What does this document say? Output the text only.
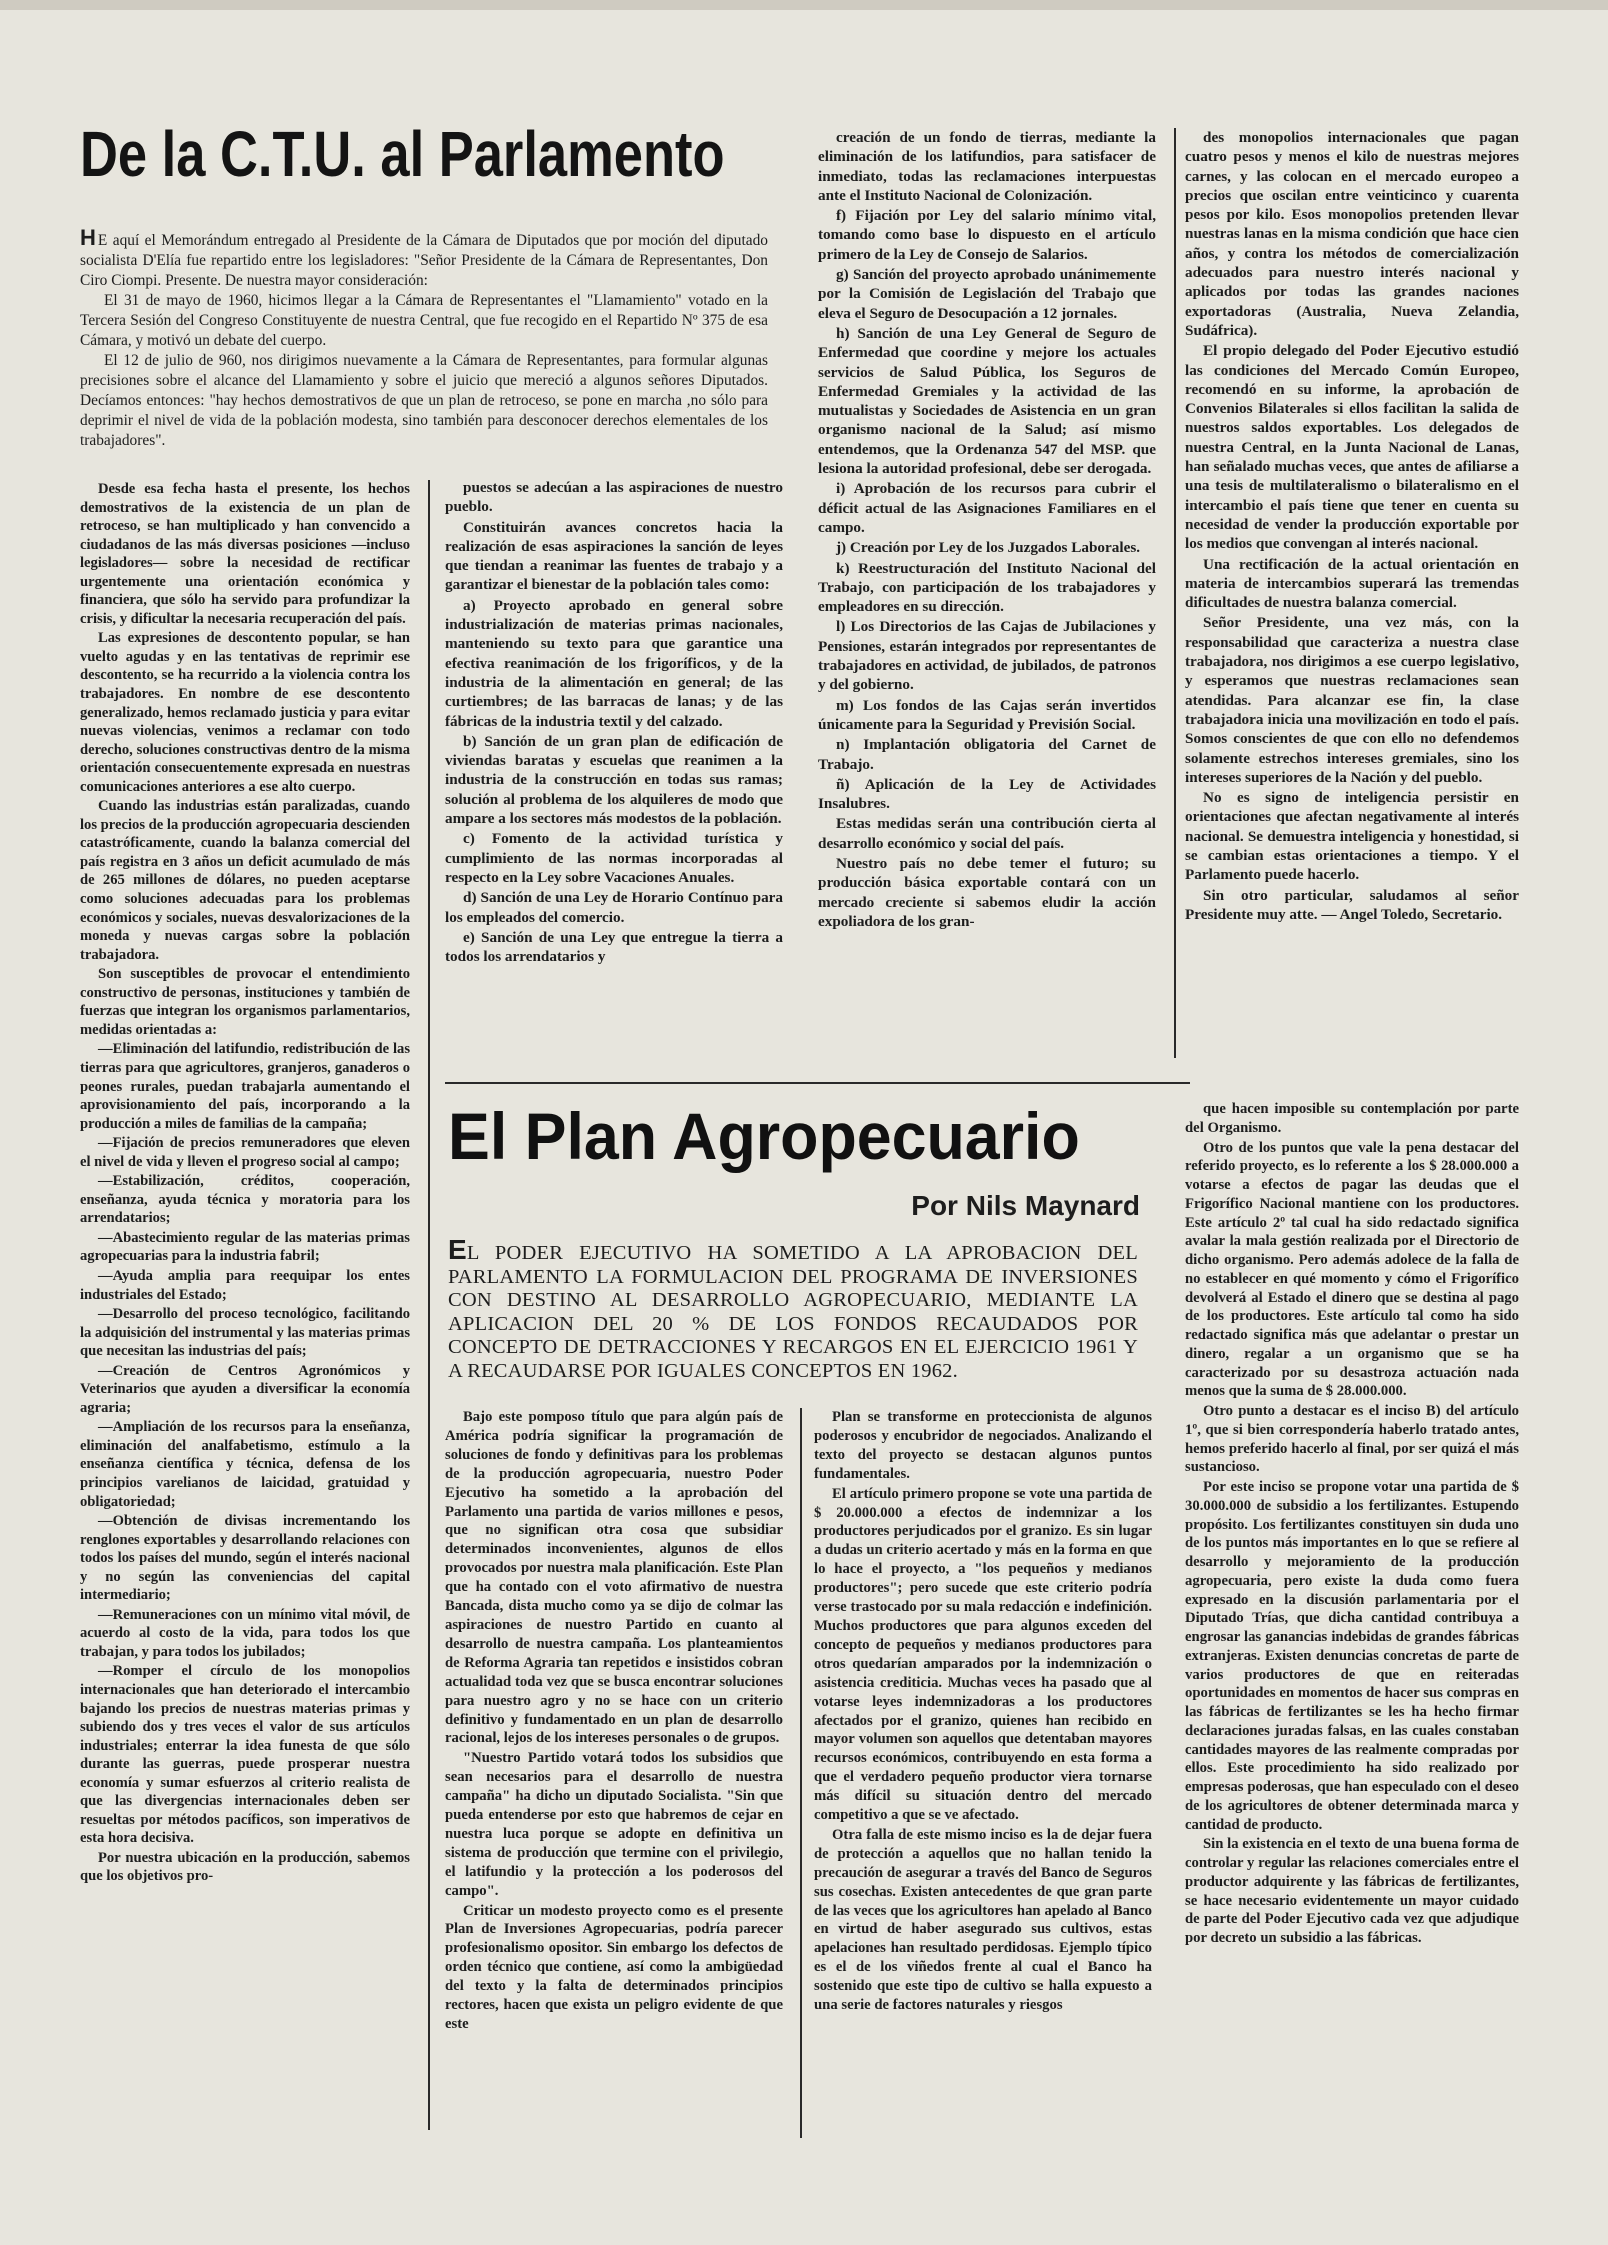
De la C.T.U. al Parlamento

H E aquí el Memorándum entregado al Presidente de la Cámara de Diputados que por moción del diputado socialista D'Elía fue repartido entre los legisladores: "Señor Presidente de la Cámara de Representantes, Don Ciro Ciompi. Presente. De nuestra mayor consideración:

El 31 de mayo de 1960, hicimos llegar a la Cámara de Representantes el "Llamamiento" votado en la Tercera Sesión del Congreso Constituyente de nuestra Central, que fue recogido en el Repartido Nº 375 de esa Cámara, y motivó un debate del cuerpo.

El 12 de julio de 960, nos dirigimos nuevamente a la Cámara de Representantes, para formular algunas precisiones sobre el alcance del Llamamiento y sobre el juicio que mereció a algunos señores Diputados. Decíamos entonces: "hay hechos demostrativos de que un plan de retroceso, se pone en marcha ,no sólo para deprimir el nivel de vida de la población modesta, sino también para desconocer derechos elementales de los trabajadores".

Desde esa fecha hasta el presente, los hechos demostrativos de la existencia de un plan de retroceso, se han multiplicado y han convencido a ciudadanos de las más diversas posiciones —incluso legisladores— sobre la necesidad de rectificar urgentemente una orientación económica y financiera, que sólo ha servido para profundizar la crisis, y dificultar la necesaria recuperación del país.

Las expresiones de descontento popular, se han vuelto agudas y en las tentativas de reprimir ese descontento, se ha recurrido a la violencia contra los trabajadores. En nombre de ese descontento generalizado, hemos reclamado justicia y para evitar nuevas violencias, venimos a reclamar con todo derecho, soluciones constructivas dentro de la misma orientación consecuentemente expresada en nuestras comunicaciones anteriores a ese alto cuerpo.

Cuando las industrias están paralizadas, cuando los precios de la producción agropecuaria descienden catastróficamente, cuando la balanza comercial del país registra en 3 años un deficit acumulado de más de 265 millones de dólares, no pueden aceptarse como soluciones adecuadas para los problemas económicos y sociales, nuevas desvalorizaciones de la moneda y nuevas cargas sobre la población trabajadora.

Son susceptibles de provocar el entendimiento constructivo de personas, instituciones y también de fuerzas que integran los organismos parlamentarios, medidas orientadas a:

—Eliminación del latifundio, redistribución de las tierras para que agricultores, granjeros, ganaderos o peones rurales, puedan trabajarla aumentando el aprovisionamiento del país, incorporando a la producción a miles de familias de la campaña;

—Fijación de precios remuneradores que eleven el nivel de vida y lleven el progreso social al campo;

—Estabilización, créditos, cooperación, enseñanza, ayuda técnica y moratoria para los arrendatarios;

—Abastecimiento regular de las materias primas agropecuarias para la industria fabril;

—Ayuda amplia para reequipar los entes industriales del Estado;

—Desarrollo del proceso tecnológico, facilitando la adquisición del instrumental y las materias primas que necesitan las industrias del país;

—Creación de Centros Agronómicos y Veterinarios que ayuden a diversificar la economía agraria;

—Ampliación de los recursos para la enseñanza, eliminación del analfabetismo, estímulo a la enseñanza científica y técnica, defensa de los principios varelianos de laicidad, gratuidad y obligatoriedad;

—Obtención de divisas incrementando los renglones exportables y desarrollando relaciones con todos los países del mundo, según el interés nacional y no según las conveniencias del capital intermediario;

—Remuneraciones con un mínimo vital móvil, de acuerdo al costo de la vida, para todos los que trabajan, y para todos los jubilados;

—Romper el círculo de los monopolios internacionales que han deteriorado el intercambio bajando los precios de nuestras materias primas y subiendo dos y tres veces el valor de sus artículos industriales; enterrar la idea funesta de que sólo durante las guerras, puede prosperar nuestra economía y sumar esfuerzos al criterio realista de que las divergencias internacionales deben ser resueltas por métodos pacíficos, son imperativos de esta hora decisiva.

Por nuestra ubicación en la producción, sabemos que los objetivos pro-

puestos se adecúan a las aspiraciones de nuestro pueblo.

Constituirán avances concretos hacia la realización de esas aspiraciones la sanción de leyes que tiendan a reanimar las fuentes de trabajo y a garantizar el bienestar de la población tales como:

a) Proyecto aprobado en general sobre industrialización de materias primas nacionales, manteniendo su texto para que garantice una efectiva reanimación de los frigoríficos, y de la industria de la alimentación en general; de las curtiembres; de las barracas de lanas; y de las fábricas de la industria textil y del calzado.

b) Sanción de un gran plan de edificación de viviendas baratas y escuelas que reanimen a la industria de la construcción en todas sus ramas; solución al problema de los alquileres de modo que ampare a los sectores más modestos de la población.

c) Fomento de la actividad turística y cumplimiento de las normas incorporadas al respecto en la Ley sobre Vacaciones Anuales.

d) Sanción de una Ley de Horario Contínuo para los empleados del comercio.

e) Sanción de una Ley que entregue la tierra a todos los arrendatarios y

creación de un fondo de tierras, mediante la eliminación de los latifundios, para satisfacer de inmediato, todas las reclamaciones interpuestas ante el Instituto Nacional de Colonización.

f) Fijación por Ley del salario mínimo vital, tomando como base lo dispuesto en el artículo primero de la Ley de Consejo de Salarios.

g) Sanción del proyecto aprobado unánimemente por la Comisión de Legislación del Trabajo que eleva el Seguro de Desocupación a 12 jornales.

h) Sanción de una Ley General de Seguro de Enfermedad que coordine y mejore los actuales servicios de Salud Pública, los Seguros de Enfermedad Gremiales y la actividad de las mutualistas y Sociedades de Asistencia en un gran organismo nacional de la Salud; así mismo entendemos, que la Ordenanza 547 del MSP. que lesiona la autoridad profesional, debe ser derogada.

i) Aprobación de los recursos para cubrir el déficit actual de las Asignaciones Familiares en el campo.

j) Creación por Ley de los Juzgados Laborales.

k) Reestructuración del Instituto Nacional del Trabajo, con participación de los trabajadores y empleadores en su dirección.

l) Los Directorios de las Cajas de Jubilaciones y Pensiones, estarán integrados por representantes de trabajadores en actividad, de jubilados, de patronos y del gobierno.

m) Los fondos de las Cajas serán invertidos únicamente para la Seguridad y Previsión Social.

n) Implantación obligatoria del Carnet de Trabajo.

ñ) Aplicación de la Ley de Actividades Insalubres.

Estas medidas serán una contribución cierta al desarrollo económico y social del país.

Nuestro país no debe temer el futuro; su producción básica exportable contará con un mercado creciente si sabemos eludir la acción expoliadora de los gran-

des monopolios internacionales que pagan cuatro pesos y menos el kilo de nuestras mejores carnes, y las colocan en el mercado europeo a precios que oscilan entre veinticinco y cuarenta pesos por kilo. Esos monopolios pretenden llevar nuestras lanas en la misma condición que hace cien años, y contra los métodos de comercialización adecuados para nuestro interés nacional y aplicados por todas las grandes naciones exportadoras (Australia, Nueva Zelandia, Sudáfrica).

El propio delegado del Poder Ejecutivo estudió las condiciones del Mercado Común Europeo, recomendó en su informe, la aprobación de Convenios Bilaterales si ellos facilitan la salida de nuestros saldos exportables. Los delegados de nuestra Central, en la Junta Nacional de Lanas, han señalado muchas veces, que antes de afiliarse a una tesis de multilateralismo o bilateralismo en el intercambio el país tiene que tener en cuenta su necesidad de vender la producción exportable por los medios que convengan al interés nacional.

Una rectificación de la actual orientación en materia de intercambios superará las tremendas dificultades de nuestra balanza comercial.

Señor Presidente, una vez más, con la responsabilidad que caracteriza a nuestra clase trabajadora, nos dirigimos a ese cuerpo legislativo, y esperamos que nuestras reclamaciones sean atendidas. Para alcanzar ese fin, la clase trabajadora inicia una movilización en todo el país. Somos conscientes de que con ello no defendemos solamente estrechos intereses gremiales, sino los intereses superiores de la Nación y del pueblo.

No es signo de inteligencia persistir en orientaciones que afectan negativamente al interés nacional. Se demuestra inteligencia y honestidad, si se cambian estas orientaciones a tiempo. Y el Parlamento puede hacerlo.

Sin otro particular, saludamos al señor Presidente muy atte. — Angel Toledo, Secretario.

El Plan Agropecuario
Por Nils Maynard
EL PODER EJECUTIVO HA SOMETIDO A LA APROBACION DEL PARLAMENTO LA FORMULACION DEL PROGRAMA DE INVERSIONES CON DESTINO AL DESARROLLO AGROPECUARIO, MEDIANTE LA APLICACION DEL 20 % DE LOS FONDOS RECAUDADOS POR CONCEPTO DE DETRACCIONES Y RECARGOS EN EL EJERCICIO 1961 Y A RECAUDARSE POR IGUALES CONCEPTOS EN 1962.

Bajo este pomposo título que para algún país de América podría significar la programación de soluciones de fondo y definitivas para los problemas de la producción agropecuaria, nuestro Poder Ejecutivo ha sometido a la aprobación del Parlamento una partida de varios millones e pesos, que no significan otra cosa que subsidiar determinados inconvenientes, algunos de ellos provocados por nuestra mala planificación. Este Plan que ha contado con el voto afirmativo de nuestra Bancada, dista mucho como ya se dijo de colmar las aspiraciones de nuestro Partido en cuanto al desarrollo de nuestra campaña. Los planteamientos de Reforma Agraria tan repetidos e insistidos cobran actualidad toda vez que se busca encontrar soluciones para nuestro agro y no se hace con un criterio definitivo y fundamentado en un plan de desarrollo racional, lejos de los intereses personales o de grupos.

"Nuestro Partido votará todos los subsidios que sean necesarios para el desarrollo de nuestra campaña" ha dicho un diputado Socialista. "Sin que pueda entenderse por esto que habremos de cejar en nuestra luca porque se adopte en definitiva un sistema de producción que termine con el privilegio, el latifundio y la protección a los poderosos del campo".

Criticar un modesto proyecto como es el presente Plan de Inversiones Agropecuarias, podría parecer profesionalismo opositor. Sin embargo los defectos de orden técnico que contiene, así como la ambigüedad del texto y la falta de determinados principios rectores, hacen que exista un peligro evidente de que este

Plan se transforme en proteccionista de algunos poderosos y encubridor de negociados. Analizando el texto del proyecto se destacan algunos puntos fundamentales.

El artículo primero propone se vote una partida de $ 20.000.000 a efectos de indemnizar a los productores perjudicados por el granizo. Es sin lugar a dudas un criterio acertado y más en la forma en que lo hace el proyecto, a "los pequeños y medianos productores"; pero sucede que este criterio podría verse trastocado por su mala redacción e indefinición. Muchos productores que para algunos exceden del concepto de pequeños y medianos productores para otros quedarían amparados por la indemnización o asistencia crediticia. Muchas veces ha pasado que al votarse leyes indemnizadoras a los productores afectados por el granizo, quienes han recibido en mayor volumen son aquellos que detentaban mayores recursos económicos, contribuyendo en esta forma a que el verdadero pequeño productor viera tornarse más difícil su situación dentro del mercado competitivo a que se ve afectado.

Otra falla de este mismo inciso es la de dejar fuera de protección a aquellos que no hallan tenido la precaución de asegurar a través del Banco de Seguros sus cosechas. Existen antecedentes de que gran parte de las veces que los agricultores han apelado al Banco en virtud de haber asegurado sus cultivos, estas apelaciones han resultado perdidosas. Ejemplo típico es el de los viñedos frente al cual el Banco ha sostenido que este tipo de cultivo se halla expuesto a una serie de factores naturales y riesgos

que hacen imposible su contemplación por parte del Organismo.

Otro de los puntos que vale la pena destacar del referido proyecto, es lo referente a los $ 28.000.000 a votarse a efectos de pagar las deudas que el Frigorífico Nacional mantiene con los productores. Este artículo 2º tal cual ha sido redactado significa avalar la mala gestión realizada por el Directorio de dicho organismo. Pero además adolece de la falla de no establecer en qué momento y cómo el Frigorífico devolverá al Estado el dinero que se destina al pago de los productores. Este artículo tal como ha sido redactado significa más que adelantar o prestar un dinero, regalar a un organismo que se ha caracterizado por su desastroza actuación nada menos que la suma de $ 28.000.000.

Otro punto a destacar es el inciso B) del artículo 1º, que si bien correspondería haberlo tratado antes, hemos preferido hacerlo al final, por ser quizá el más sustancioso.

Por este inciso se propone votar una partida de $ 30.000.000 de subsidio a los fertilizantes. Estupendo propósito. Los fertilizantes constituyen sin duda uno de los puntos más importantes en lo que se refiere al desarrollo y mejoramiento de la producción agropecuaria, pero existe la duda como fuera expresado en la discusión parlamentaria por el Diputado Trías, que dicha cantidad contribuya a engrosar las ganancias indebidas de grandes fábricas extranjeras. Existen denuncias concretas de parte de varios productores de que en reiteradas oportunidades en momentos de hacer sus compras en las fábricas de fertilizantes se les ha hecho firmar declaraciones juradas falsas, en las cuales constaban cantidades mayores de las realmente compradas por ellos. Este procedimiento ha sido realizado por empresas poderosas, que han especulado con el deseo de los agricultores de obtener determinada marca y cantidad de producto.

Sin la existencia en el texto de una buena forma de controlar y regular las relaciones comerciales entre el productor adquirente y las fábricas de fertilizantes, se hace necesario evidentemente un mayor cuidado de parte del Poder Ejecutivo cada vez que adjudique por decreto un subsidio a las fábricas.
